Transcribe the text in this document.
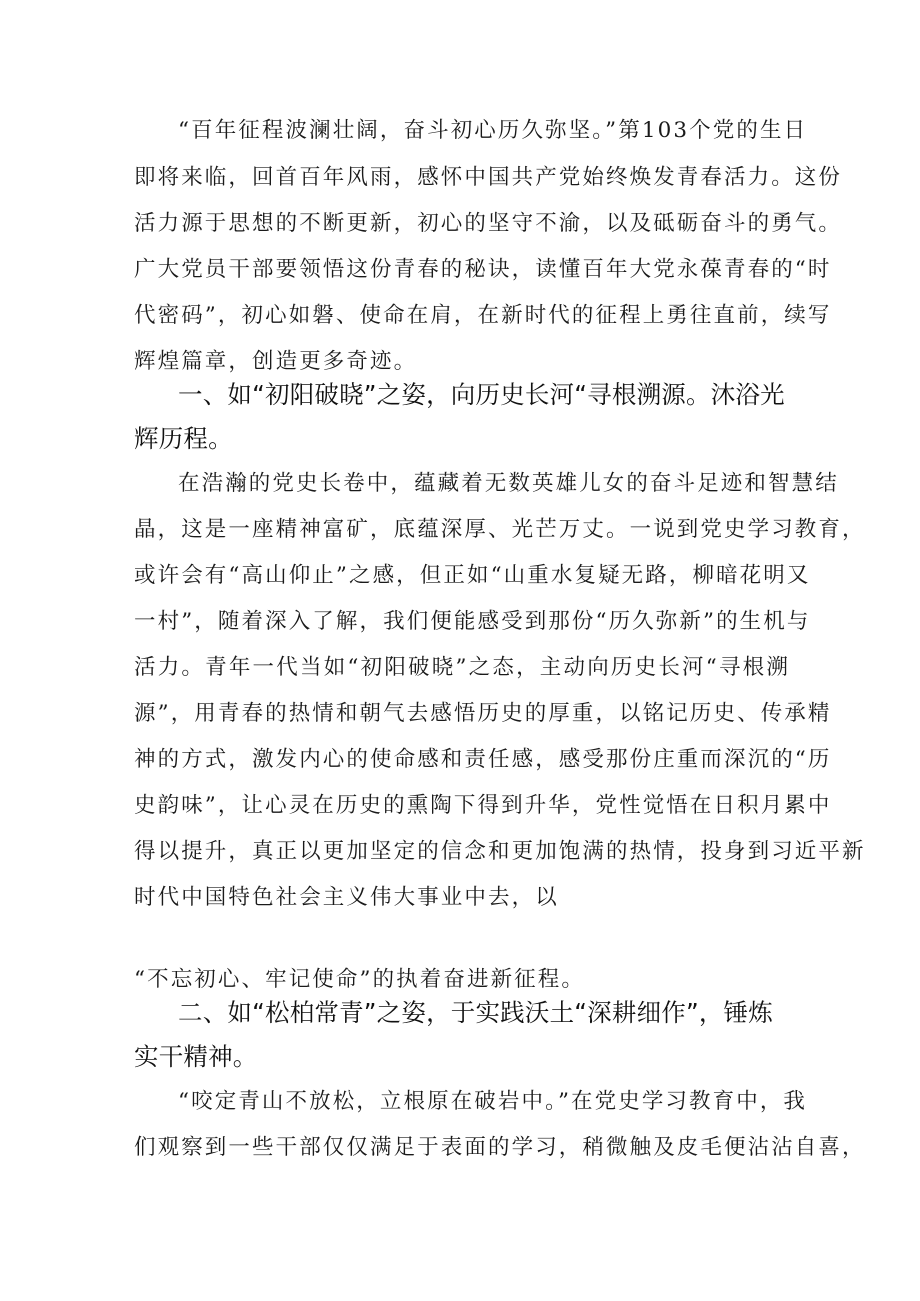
“百年征程波澜壮阔，奋斗初心历久弥坚。”第103个党的生日
即将来临，回首百年风雨，感怀中国共产党始终焕发青春活力。这份
活力源于思想的不断更新，初心的坚守不渝，以及砥砺奋斗的勇气。
广大党员干部要领悟这份青春的秘诀，读懂百年大党永葆青春的“时
代密码”，初心如磐、使命在肩，在新时代的征程上勇往直前，续写
辉煌篇章，创造更多奇迹。
一、如“初阳破晓”之姿，向历史长河“寻根溯源。沐浴光
辉历程。
在浩瀚的党史长卷中，蕴藏着无数英雄儿女的奋斗足迹和智慧结
晶，这是一座精神富矿，底蕴深厚、光芒万丈。一说到党史学习教育，
或许会有“高山仰止”之感，但正如“山重水复疑无路，柳暗花明又
一村”，随着深入了解，我们便能感受到那份“历久弥新”的生机与
活力。青年一代当如“初阳破晓”之态，主动向历史长河“寻根溯
源”，用青春的热情和朝气去感悟历史的厚重，以铭记历史、传承精
神的方式，激发内心的使命感和责任感，感受那份庄重而深沉的“历
史韵味”，让心灵在历史的熏陶下得到升华，党性觉悟在日积月累中
得以提升，真正以更加坚定的信念和更加饱满的热情，投身到习近平新
时代中国特色社会主义伟大事业中去，以
“不忘初心、牢记使命”的执着奋进新征程。
二、如“松柏常青”之姿，于实践沃土“深耕细作”，锤炼
实干精神。
“咬定青山不放松，立根原在破岩中。”在党史学习教育中，我
们观察到一些干部仅仅满足于表面的学习，稍微触及皮毛便沾沾自喜，
